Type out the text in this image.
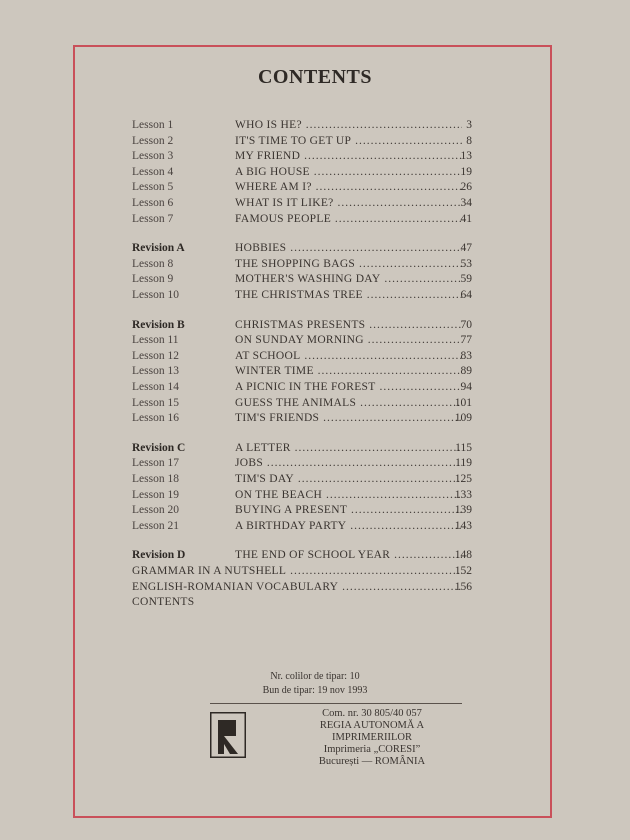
CONTENTS
Lesson 1	WHO IS HE? .....	3
Lesson 2	IT'S TIME TO GET UP .....	8
Lesson 3	MY FRIEND .....	13
Lesson 4	A BIG HOUSE .....	19
Lesson 5	WHERE AM I? .....	26
Lesson 6	WHAT IS IT LIKE? .....	34
Lesson 7	FAMOUS PEOPLE .....	41
Revision A	HOBBIES .....	47
Lesson 8	THE SHOPPING BAGS .....	53
Lesson 9	MOTHER'S WASHING DAY .....	59
Lesson 10	THE CHRISTMAS TREE .....	64
Revision B	CHRISTMAS PRESENTS .....	70
Lesson 11	ON SUNDAY MORNING .....	77
Lesson 12	AT SCHOOL .....	83
Lesson 13	WINTER TIME .....	89
Lesson 14	A PICNIC IN THE FOREST .....	94
Lesson 15	GUESS THE ANIMALS .....	101
Lesson 16	TIM'S FRIENDS .....	109
Revision C	A LETTER .....	115
Lesson 17	JOBS .....	119
Lesson 18	TIM'S DAY .....	125
Lesson 19	ON THE BEACH .....	133
Lesson 20	BUYING A PRESENT .....	139
Lesson 21	A BIRTHDAY PARTY .....	143
Revision D	THE END OF SCHOOL YEAR .....	148
GRAMMAR IN A NUTSHELL .....	152
ENGLISH-ROMANIAN VOCABULARY .....	156
CONTENTS
Nr. colilor de tipar: 10
Bun de tipar: 19 nov 1993
Com. nr. 30 805/40 057
REGIA AUTONOMĂ A
IMPRIMERIILOR
Imprimeria „CORESI”
București — ROMÂNIA
